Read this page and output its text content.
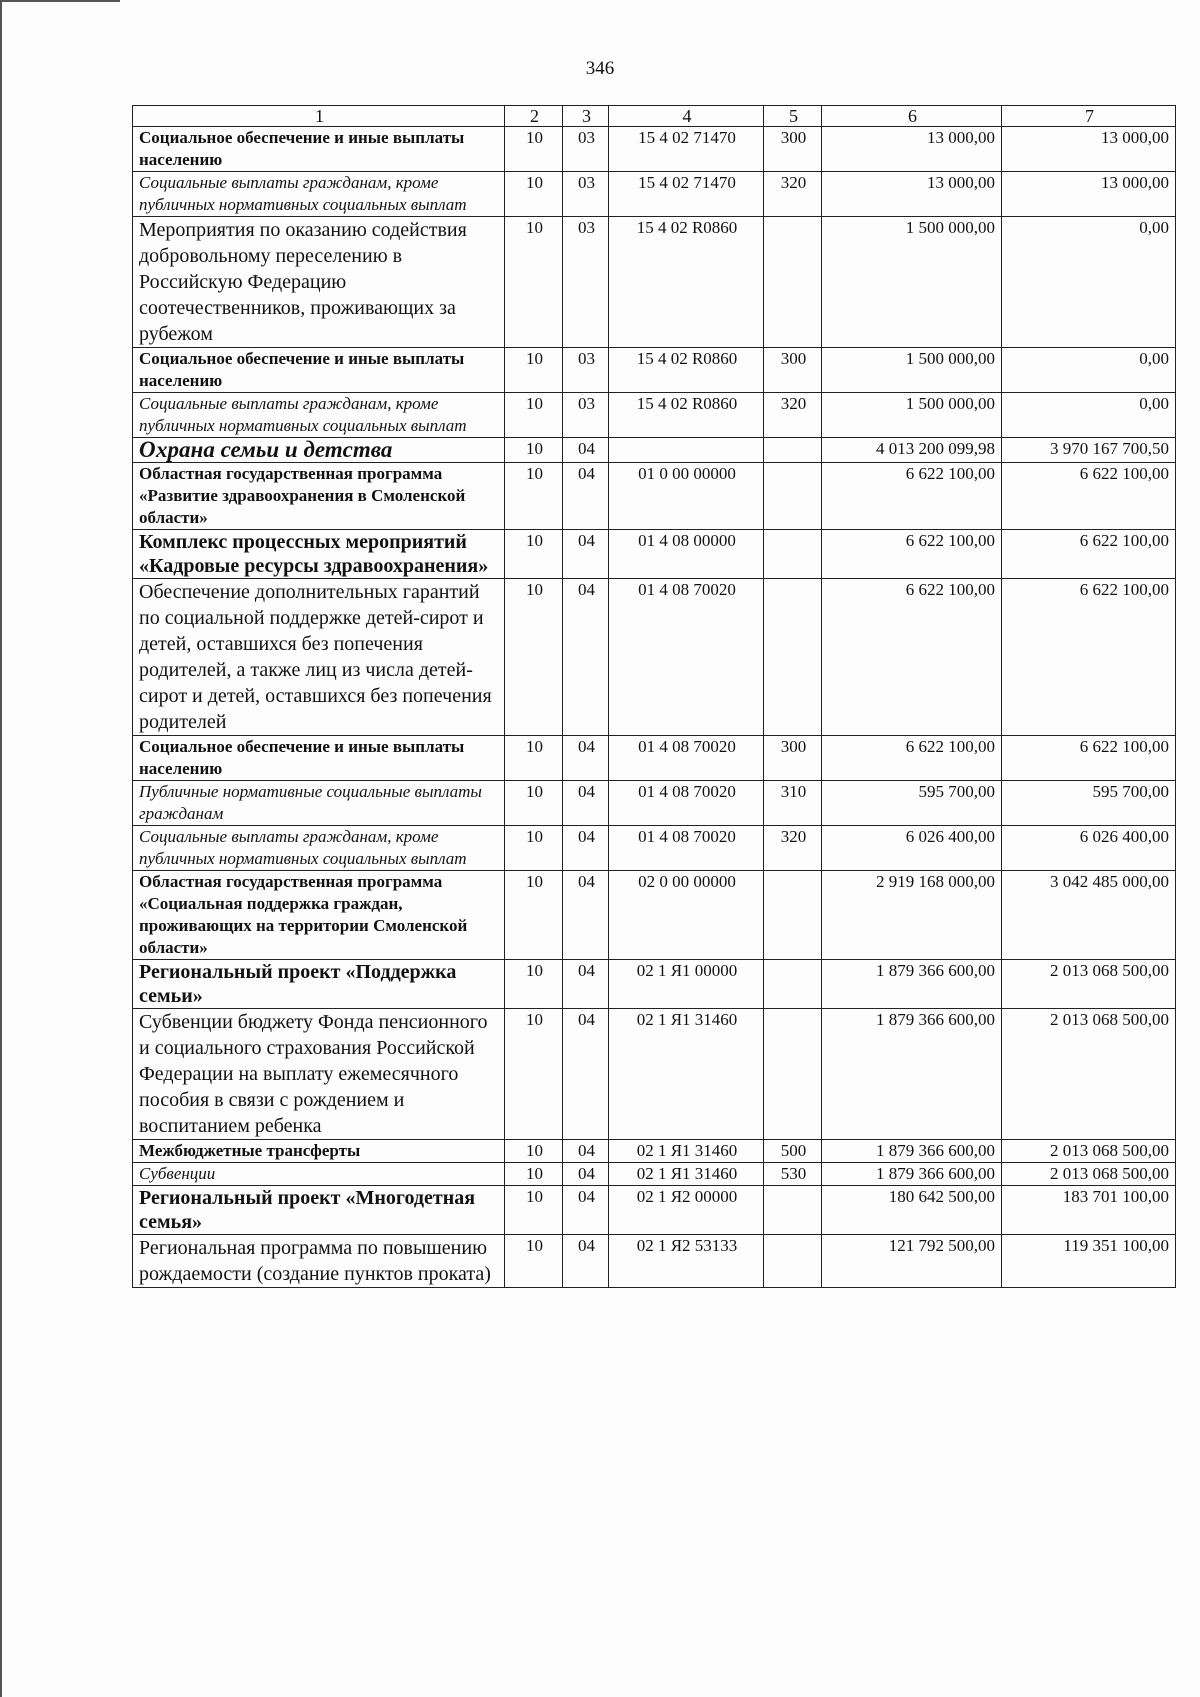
346
1	2	3	4	5	6	7
Социальное обеспечение и иные выплаты населению	10	03	15 4 02 71470	300	13 000,00	13 000,00
Социальные выплаты гражданам, кроме публичных нормативных социальных выплат	10	03	15 4 02 71470	320	13 000,00	13 000,00
Мероприятия по оказанию содействия добровольному переселению в Российскую Федерацию соотечественников, проживающих за рубежом	10	03	15 4 02 R0860		1 500 000,00	0,00
Социальное обеспечение и иные выплаты населению	10	03	15 4 02 R0860	300	1 500 000,00	0,00
Социальные выплаты гражданам, кроме публичных нормативных социальных выплат	10	03	15 4 02 R0860	320	1 500 000,00	0,00
Охрана семьи и детства	10	04			4 013 200 099,98	3 970 167 700,50
Областная государственная программа «Развитие здравоохранения в Смоленской области»	10	04	01 0 00 00000		6 622 100,00	6 622 100,00
Комплекс процессных мероприятий «Кадровые ресурсы здравоохранения»	10	04	01 4 08 00000		6 622 100,00	6 622 100,00
Обеспечение дополнительных гарантий по социальной поддержке детей-сирот и детей, оставшихся без попечения родителей, а также лиц из числа детей-сирот и детей, оставшихся без попечения родителей	10	04	01 4 08 70020		6 622 100,00	6 622 100,00
Социальное обеспечение и иные выплаты населению	10	04	01 4 08 70020	300	6 622 100,00	6 622 100,00
Публичные нормативные социальные выплаты гражданам	10	04	01 4 08 70020	310	595 700,00	595 700,00
Социальные выплаты гражданам, кроме публичных нормативных социальных выплат	10	04	01 4 08 70020	320	6 026 400,00	6 026 400,00
Областная государственная программа «Социальная поддержка граждан, проживающих на территории Смоленской области»	10	04	02 0 00 00000		2 919 168 000,00	3 042 485 000,00
Региональный проект «Поддержка семьи»	10	04	02 1 Я1 00000		1 879 366 600,00	2 013 068 500,00
Субвенции бюджету Фонда пенсионного и социального страхования Российской Федерации на выплату ежемесячного пособия в связи с рождением и воспитанием ребенка	10	04	02 1 Я1 31460		1 879 366 600,00	2 013 068 500,00
Межбюджетные трансферты	10	04	02 1 Я1 31460	500	1 879 366 600,00	2 013 068 500,00
Субвенции	10	04	02 1 Я1 31460	530	1 879 366 600,00	2 013 068 500,00
Региональный проект «Многодетная семья»	10	04	02 1 Я2 00000		180 642 500,00	183 701 100,00
Региональная программа по повышению рождаемости (создание пунктов проката)	10	04	02 1 Я2 53133		121 792 500,00	119 351 100,00
